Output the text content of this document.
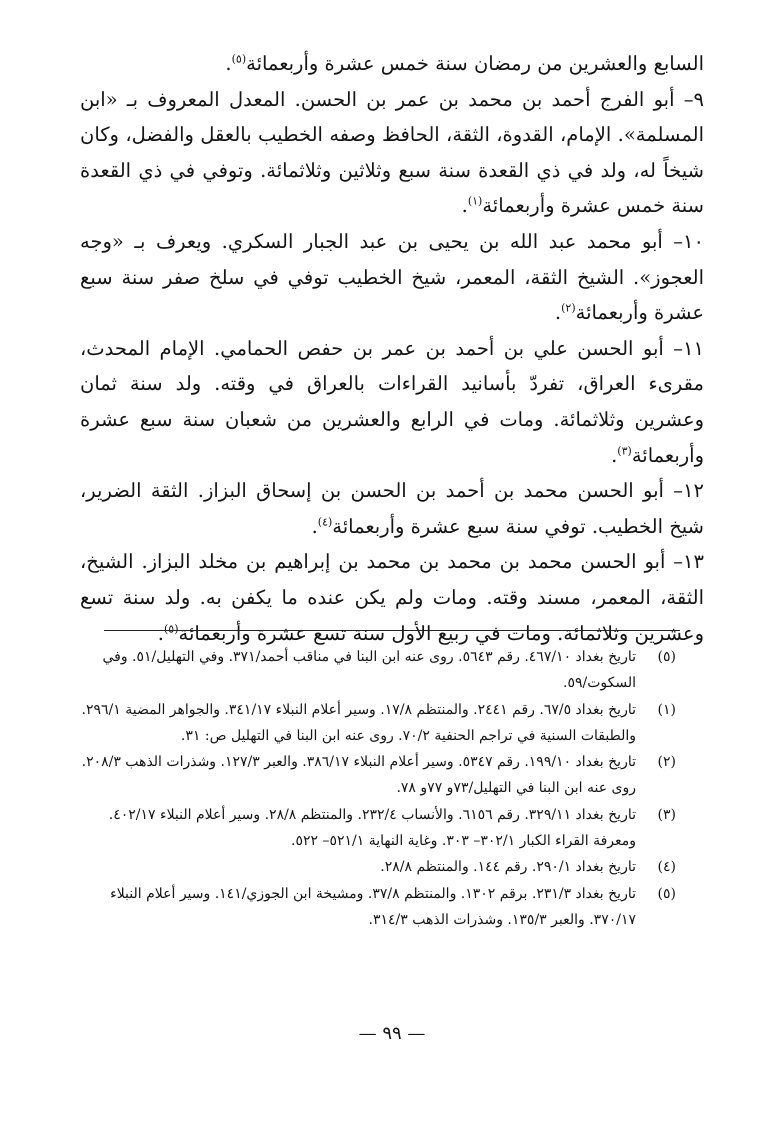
السابع والعشرين من رمضان سنة خمس عشرة وأربعمائة$^{(٥)}$.

٩– أبو الفرج أحمد بن محمد بن عمر بن الحسن. المعدل المعروف بـ «ابن المسلمة». الإمام، القدوة، الثقة، الحافظ وصفه الخطيب بالعقل والفضل، وكان شيخاً له، ولد في ذي القعدة سنة سبع وثلاثين وثلاثمائة. وتوفي في ذي القعدة سنة خمس عشرة وأربعمائة$^{(١)}$.

١٠– أبو محمد عبد الله بن يحيى بن عبد الجبار السكري. ويعرف بـ «وجه العجوز». الشيخ الثقة، المعمر، شيخ الخطيب توفي في سلخ صفر سنة سبع عشرة وأربعمائة$^{(٢)}$.

١١– أبو الحسن علي بن أحمد بن عمر بن حفص الحمامي. الإمام المحدث، مقرىء العراق، تفردّ بأسانيد القراءات بالعراق في وقته. ولد سنة ثمان وعشرين وثلاثمائة. ومات في الرابع والعشرين من شعبان سنة سبع عشرة وأربعمائة$^{(٣)}$.

١٢– أبو الحسن محمد بن أحمد بن الحسن بن إسحاق البزاز. الثقة الضرير، شيخ الخطيب. توفي سنة سبع عشرة وأربعمائة$^{(٤)}$.

١٣– أبو الحسن محمد بن محمد بن محمد بن إبراهيم بن مخلد البزاز. الشيخ، الثقة، المعمر، مسند وقته. ومات ولم يكن عنده ما يكفن به. ولد سنة تسع وعشرين وثلاثمائة. ومات في ربيع الأول سنة تسع عشرة وأربعمائة$^{(٥)}$.

(٥)
تاريخ بغداد ٤٦٧/١٠. رقم ٥٦٤٣. روى عنه ابن البنا في مناقب أحمد/٣٧١. وفي التهليل/٥١. وفي السكوت/٥٩.

(١)
تاريخ بغداد ٦٧/٥. رقم ٢٤٤١. والمنتظم ١٧/٨. وسير أعلام النبلاء ٣٤١/١٧. والجواهر المضية ٢٩٦/١. والطبقات السنية في تراجم الحنفية ٧٠/٢. روى عنه ابن البنا في التهليل ص: ٣١.

(٢)
تاريخ بغداد ١٩٩/١٠. رقم ٥٣٤٧. وسير أعلام النبلاء ٣٨٦/١٧. والعبر ١٢٧/٣. وشذرات الذهب ٢٠٨/٣. روى عنه ابن البنا في التهليل/٧٣و ٧٧و ٧٨.

(٣)
تاريخ بغداد ٣٢٩/١١. رقم ٦١٥٦. والأنساب ٢٣٢/٤. والمنتظم ٢٨/٨. وسير أعلام النبلاء ٤٠٢/١٧. ومعرفة القراء الكبار ٣٠٢/١– ٣٠٣. وغاية النهاية ٥٢١/١– ٥٢٢.

(٤)
تاريخ بغداد ٢٩٠/١. رقم ١٤٤. والمنتظم ٢٨/٨.

(٥)
تاريخ بغداد ٢٣١/٣. برقم ١٣٠٢. والمنتظم ٣٧/٨. ومشيخة ابن الجوزي/١٤١. وسير أعلام النبلاء ٣٧٠/١٧. والعبر ١٣٥/٣. وشذرات الذهب ٣١٤/٣.

— ٩٩ —
